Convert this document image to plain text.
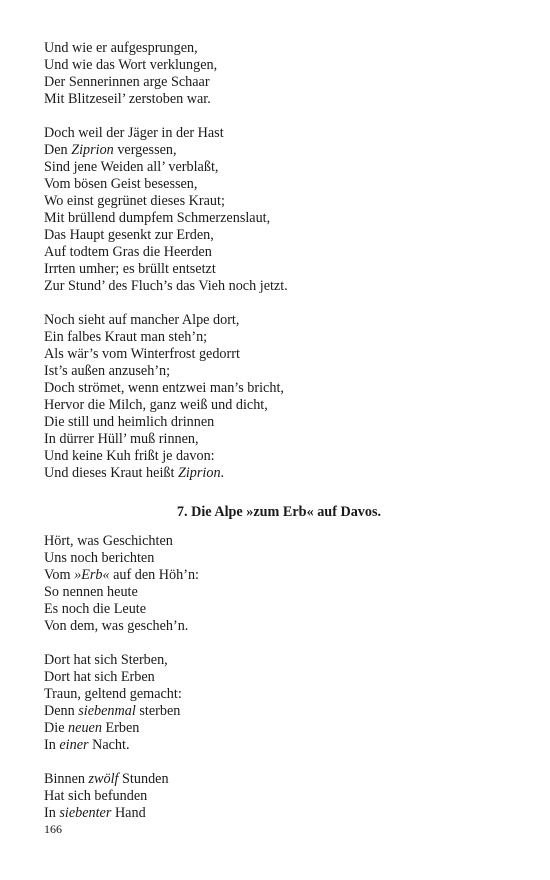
Und wie er aufgesprungen,
Und wie das Wort verklungen,
Der Sennerinnen arge Schaar
Mit Blitzeseil’ zerstoben war.
Doch weil der Jäger in der Hast
Den Ziprion vergessen,
Sind jene Weiden all’ verblaßt,
Vom bösen Geist besessen,
Wo einst gegrünet dieses Kraut;
Mit brüllend dumpfem Schmerzenslaut,
Das Haupt gesenkt zur Erden,
Auf todtem Gras die Heerden
Irrten umher; es brüllt entsetzt
Zur Stund’ des Fluch’s das Vieh noch jetzt.
Noch sieht auf mancher Alpe dort,
Ein falbes Kraut man steh’n;
Als wär’s vom Winterfrost gedorrt
Ist’s außen anzuseh’n;
Doch strömet, wenn entzwei man’s bricht,
Hervor die Milch, ganz weiß und dicht,
Die still und heimlich drinnen
In dürrer Hüll’ muß rinnen,
Und keine Kuh frißt je davon:
Und dieses Kraut heißt Ziprion.
7. Die Alpe »zum Erb« auf Davos.
Hört, was Geschichten
Uns noch berichten
Vom »Erb« auf den Höh’n:
So nennen heute
Es noch die Leute
Von dem, was gescheh’n.
Dort hat sich Sterben,
Dort hat sich Erben
Traun, geltend gemacht:
Denn siebenmal sterben
Die neuen Erben
In einer Nacht.
Binnen zwölf Stunden
Hat sich befunden
In siebenter Hand
166
